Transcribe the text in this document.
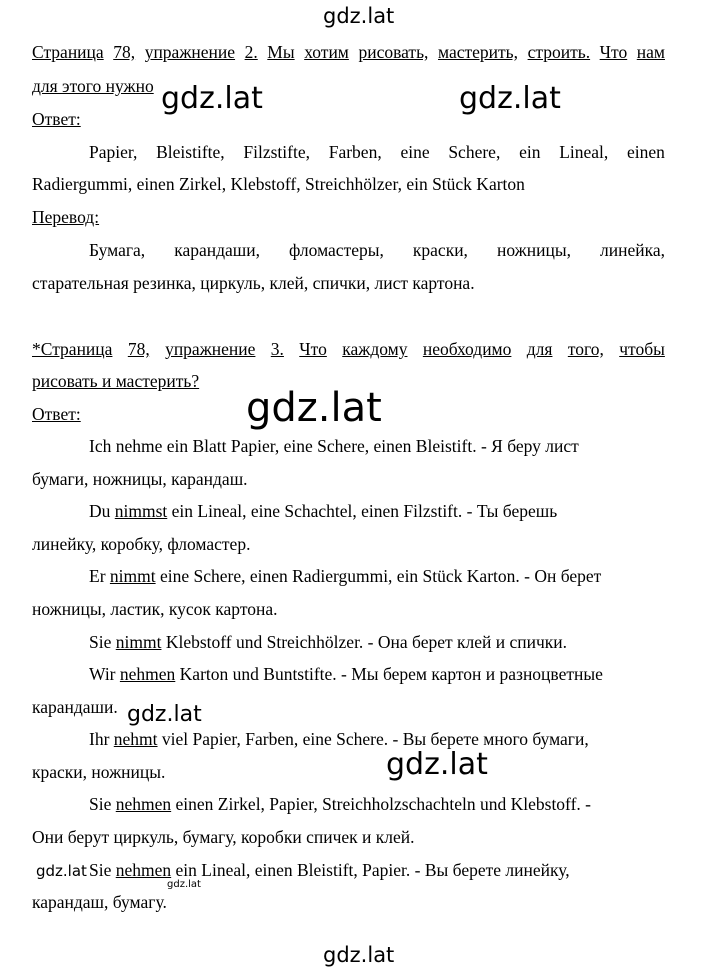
Страница 78, упражнение 2. Мы хотим рисовать, мастерить, строить. Что нам
для этого нужно
Ответ:
Papier, Bleistifte, Filzstifte, Farben, eine Schere, ein Lineal, einen
Radiergummi, einen Zirkel, Klebstoff, Streichhölzer, ein Stück Karton
Перевод:
Бумага, карандаши, фломастеры, краски, ножницы, линейка,
старательная резинка, циркуль, клей, спички, лист картона.
*Страница 78, упражнение 3. Что каждому необходимо для того, чтобы
рисовать и мастерить?
Ответ:
Ich nehme ein Blatt Papier, eine Schere, einen Bleistift. - Я беру лист
бумаги, ножницы, карандаш.
Du nimmst ein Lineal, eine Schachtel, einen Filzstift. - Ты берешь
линейку, коробку, фломастер.
Er nimmt eine Schere, einen Radiergummi, ein Stück Karton. - Он берет
ножницы, ластик, кусок картона.
Sie nimmt Klebstoff und Streichhölzer. - Она берет клей и спички.
Wir nehmen Karton und Buntstifte. - Мы берем картон и разноцветные
карандаши.
Ihr nehmt viel Papier, Farben, eine Schere. - Вы берете много бумаги,
краски, ножницы.
Sie nehmen einen Zirkel, Papier, Streichholzschachteln und Klebstoff. -
Они берут циркуль, бумагу, коробки спичек и клей.
Sie nehmen ein Lineal, einen Bleistift, Papier. - Вы берете линейку,
карандаш, бумагу.
gdz.lat
gdz.lat	gdz.lat
gdz.lat
gdz.lat
gdz.lat
gdz.lat
gdz.lat
gdz.lat
